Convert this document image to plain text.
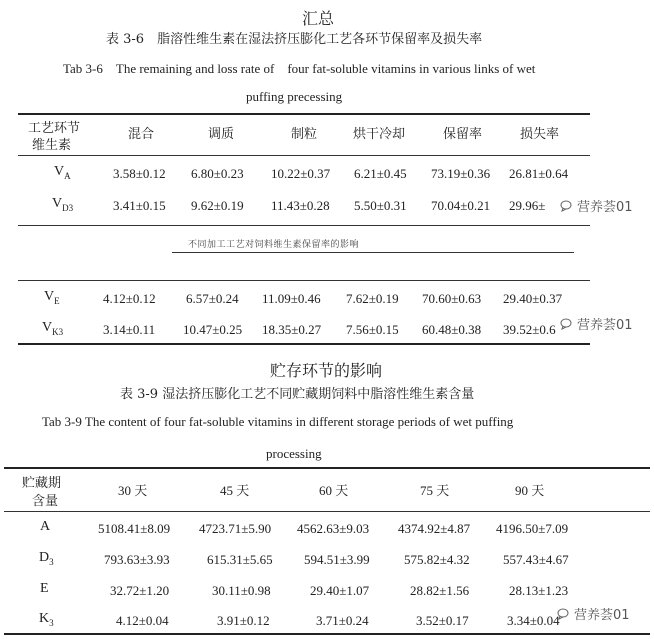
汇总
表 3-6　脂溶性维生素在湿法挤压膨化工艺各环节保留率及损失率
Tab 3-6　The remaining and loss rate of　four fat-soluble vitamins in various links of wet
puffing precessing
工艺环节
维生素
混合	调质	制粒	烘干冷却	保留率	损失率
$V_A$	3.58±0.12 6.80±0.23 10.22±0.37 6.21±0.45 73.19±0.36 26.81±0.64
$V_{D3}$	3.41±0.15 9.62±0.19 11.43±0.28 5.50±0.31 70.04±0.21 29.96± 营养荟01
不同加工工艺对饲料维生素保留率的影响
$V_E$	4.12±0.12 6.57±0.24 11.09±0.46 7.62±0.19 70.60±0.63 29.40±0.37
$V_{K3}$	3.14±0.11 10.47±0.25 18.35±0.27 7.56±0.15 60.48±0.38 39.52±0.6 营养荟01
贮存环节的影响
表 3-9 湿法挤压膨化工艺不同贮藏期饲料中脂溶性维生素含量
Tab 3-9 The content of four fat-soluble vitamins in different storage periods of wet puffing
processing
贮藏期
含量
30 天	45 天	60 天	75 天	90 天
A	5108.41±8.09 4723.71±5.90 4562.63±9.03 4374.92±4.87 4196.50±7.09
$D_3$	793.63±3.93	615.31±5.65 594.51±3.99	575.82±4.32	557.43±4.67
E	32.72±1.20	30.11±0.98	29.40±1.07	28.82±1.56	28.13±1.23
$K_3$	4.12±0.04	3.91±0.12	3.71±0.24	3.52±0.17	3.34±0.04 营养荟01
